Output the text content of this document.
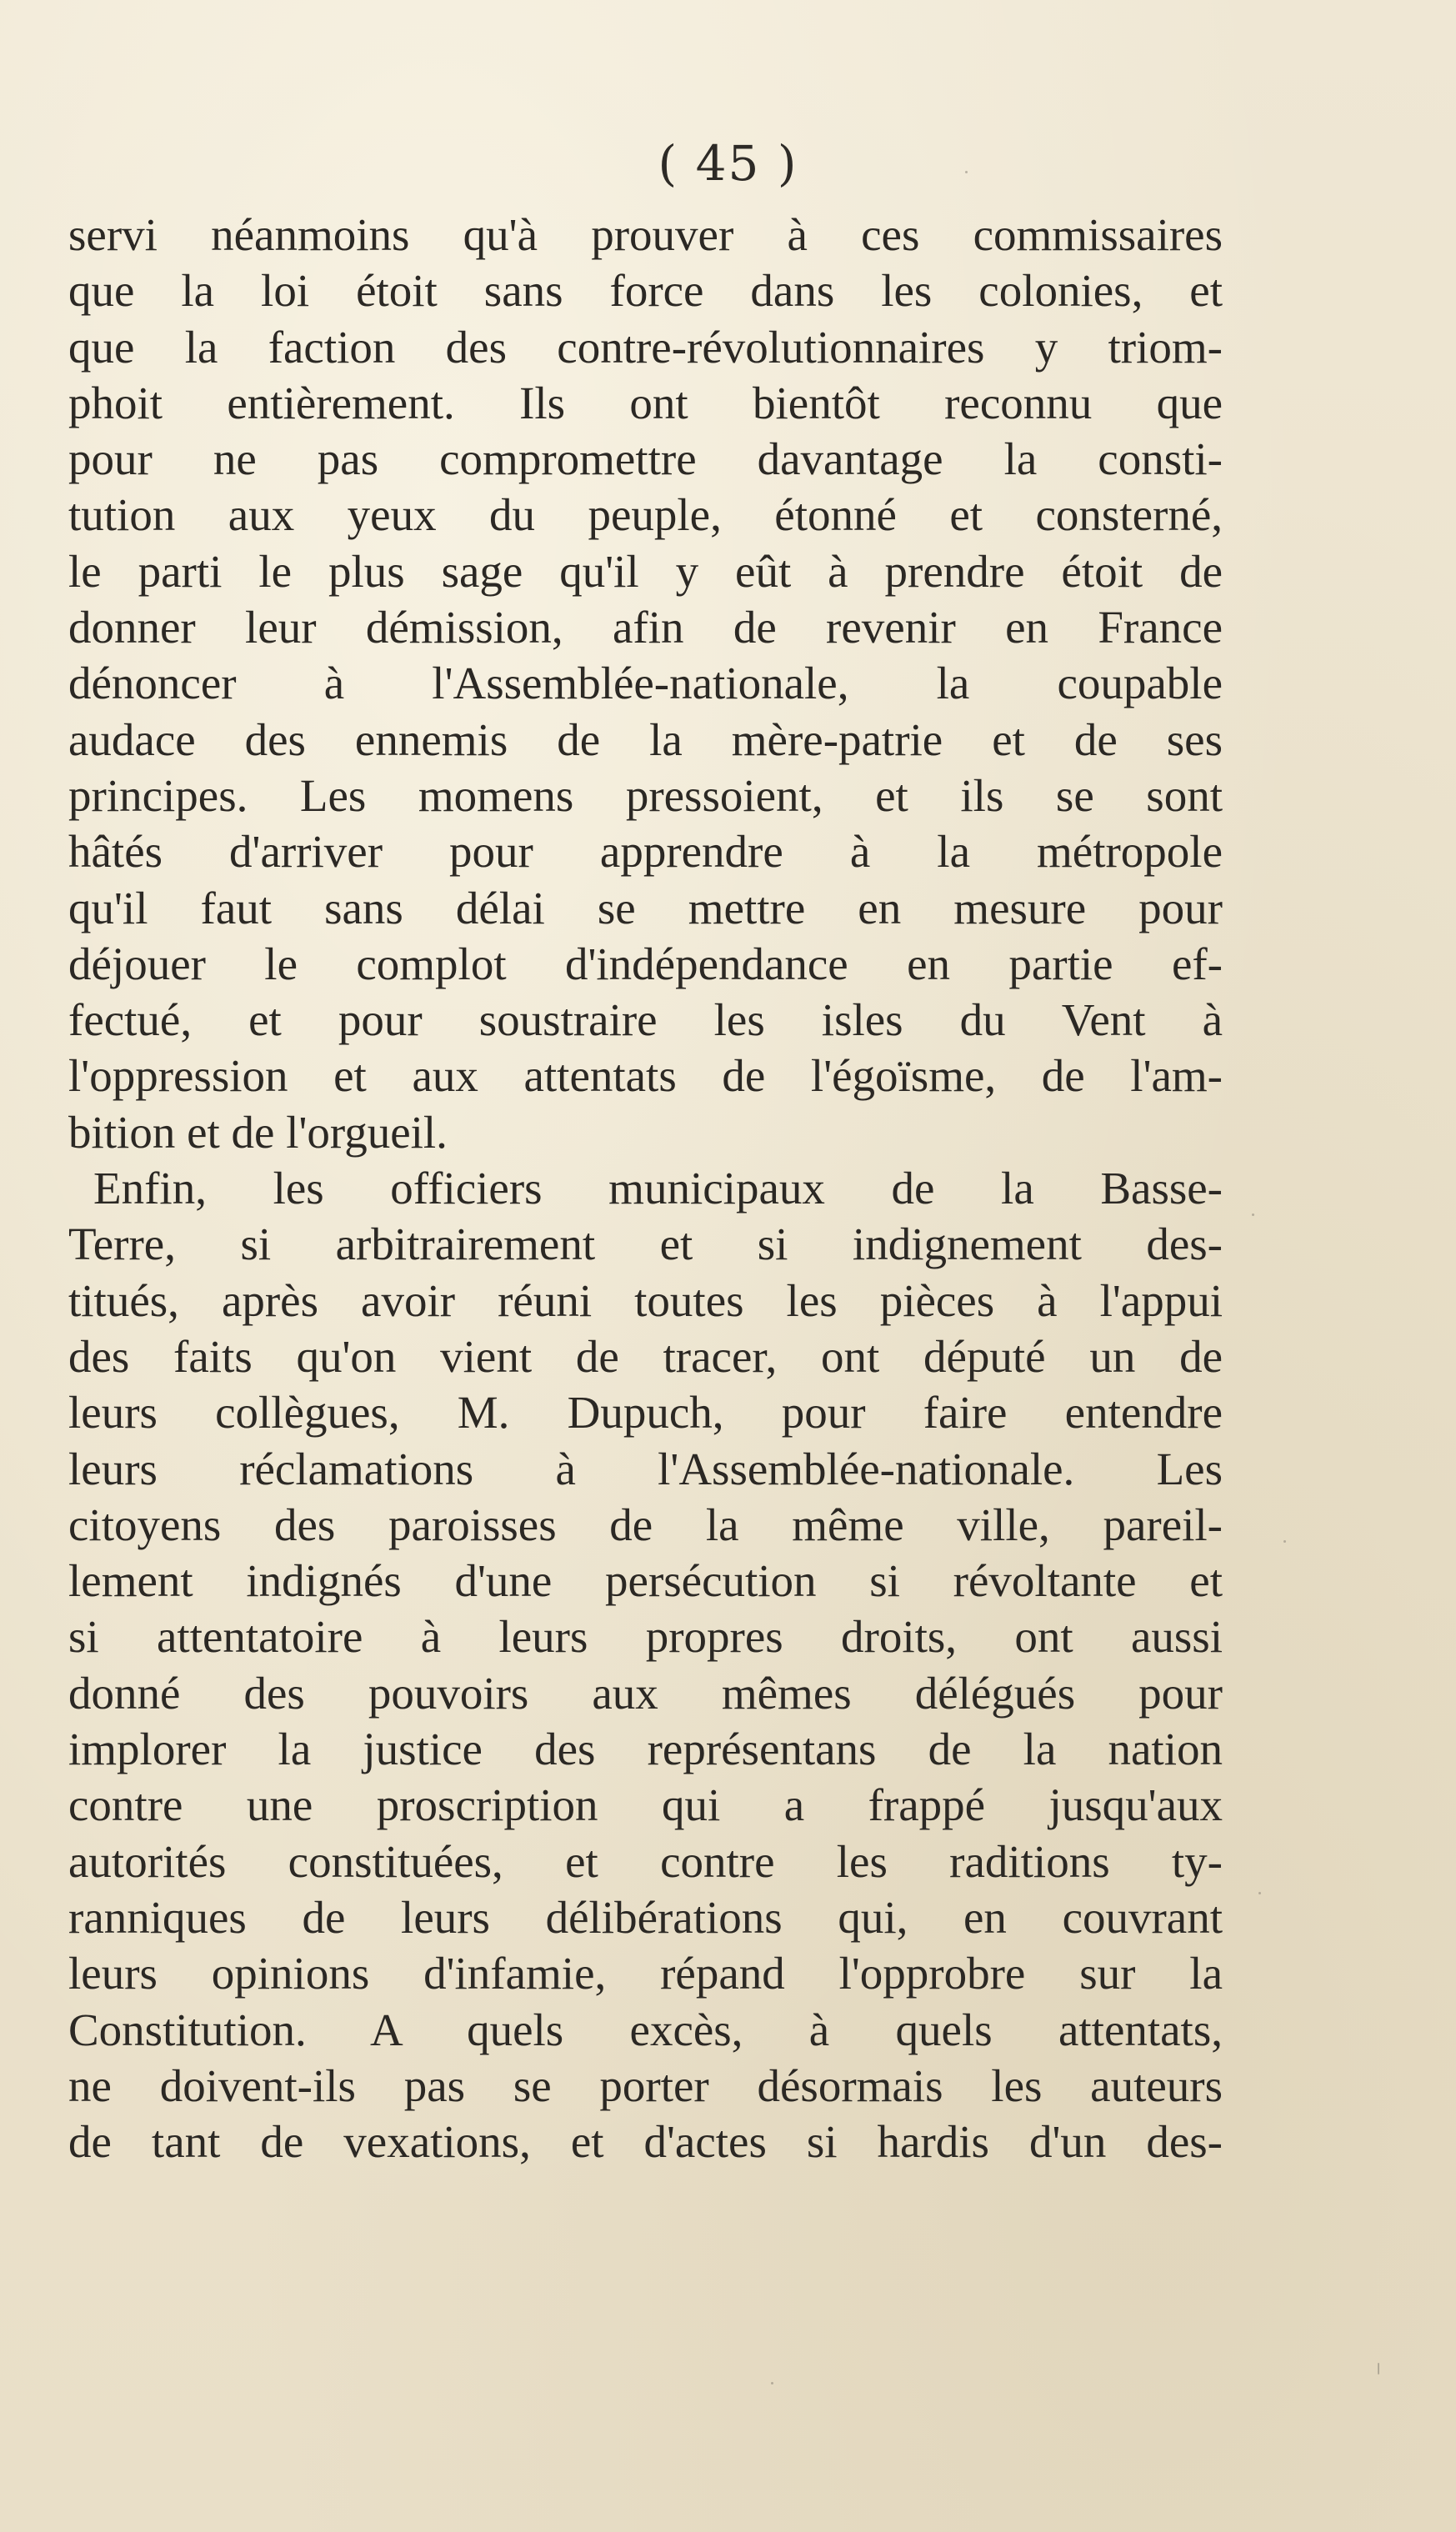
( 45 )
servi néanmoins qu'à prouver à ces commissaires
que la loi étoit sans force dans les colonies, et
que la faction des contre-révolutionnaires y triom-
phoit entièrement. Ils ont bientôt reconnu que
pour ne pas compromettre davantage la consti-
tution aux yeux du peuple, étonné et consterné,
le parti le plus sage qu'il y eût à prendre étoit de
donner leur démission, afin de revenir en France
dénoncer à l'Assemblée-nationale, la coupable
audace des ennemis de la mère-patrie et de ses
principes. Les momens pressoient, et ils se sont
hâtés d'arriver pour apprendre à la métropole
qu'il faut sans délai se mettre en mesure pour
déjouer le complot d'indépendance en partie ef-
fectué, et pour soustraire les isles du Vent à
l'oppression et aux attentats de l'égoïsme, de l'am-
bition et de l'orgueil.
Enfin, les officiers municipaux de la Basse-
Terre, si arbitrairement et si indignement des-
titués, après avoir réuni toutes les pièces à l'appui
des faits qu'on vient de tracer, ont député un de
leurs collègues, M. Dupuch, pour faire entendre
leurs réclamations à l'Assemblée-nationale. Les
citoyens des paroisses de la même ville, pareil-
lement indignés d'une persécution si révoltante et
si attentatoire à leurs propres droits, ont aussi
donné des pouvoirs aux mêmes délégués pour
implorer la justice des représentans de la nation
contre une proscription qui a frappé jusqu'aux
autorités constituées, et contre les raditions ty-
ranniques de leurs délibérations qui, en couvrant
leurs opinions d'infamie, répand l'opprobre sur la
Constitution. A quels excès, à quels attentats,
ne doivent-ils pas se porter désormais les auteurs
de tant de vexations, et d'actes si hardis d'un des-
